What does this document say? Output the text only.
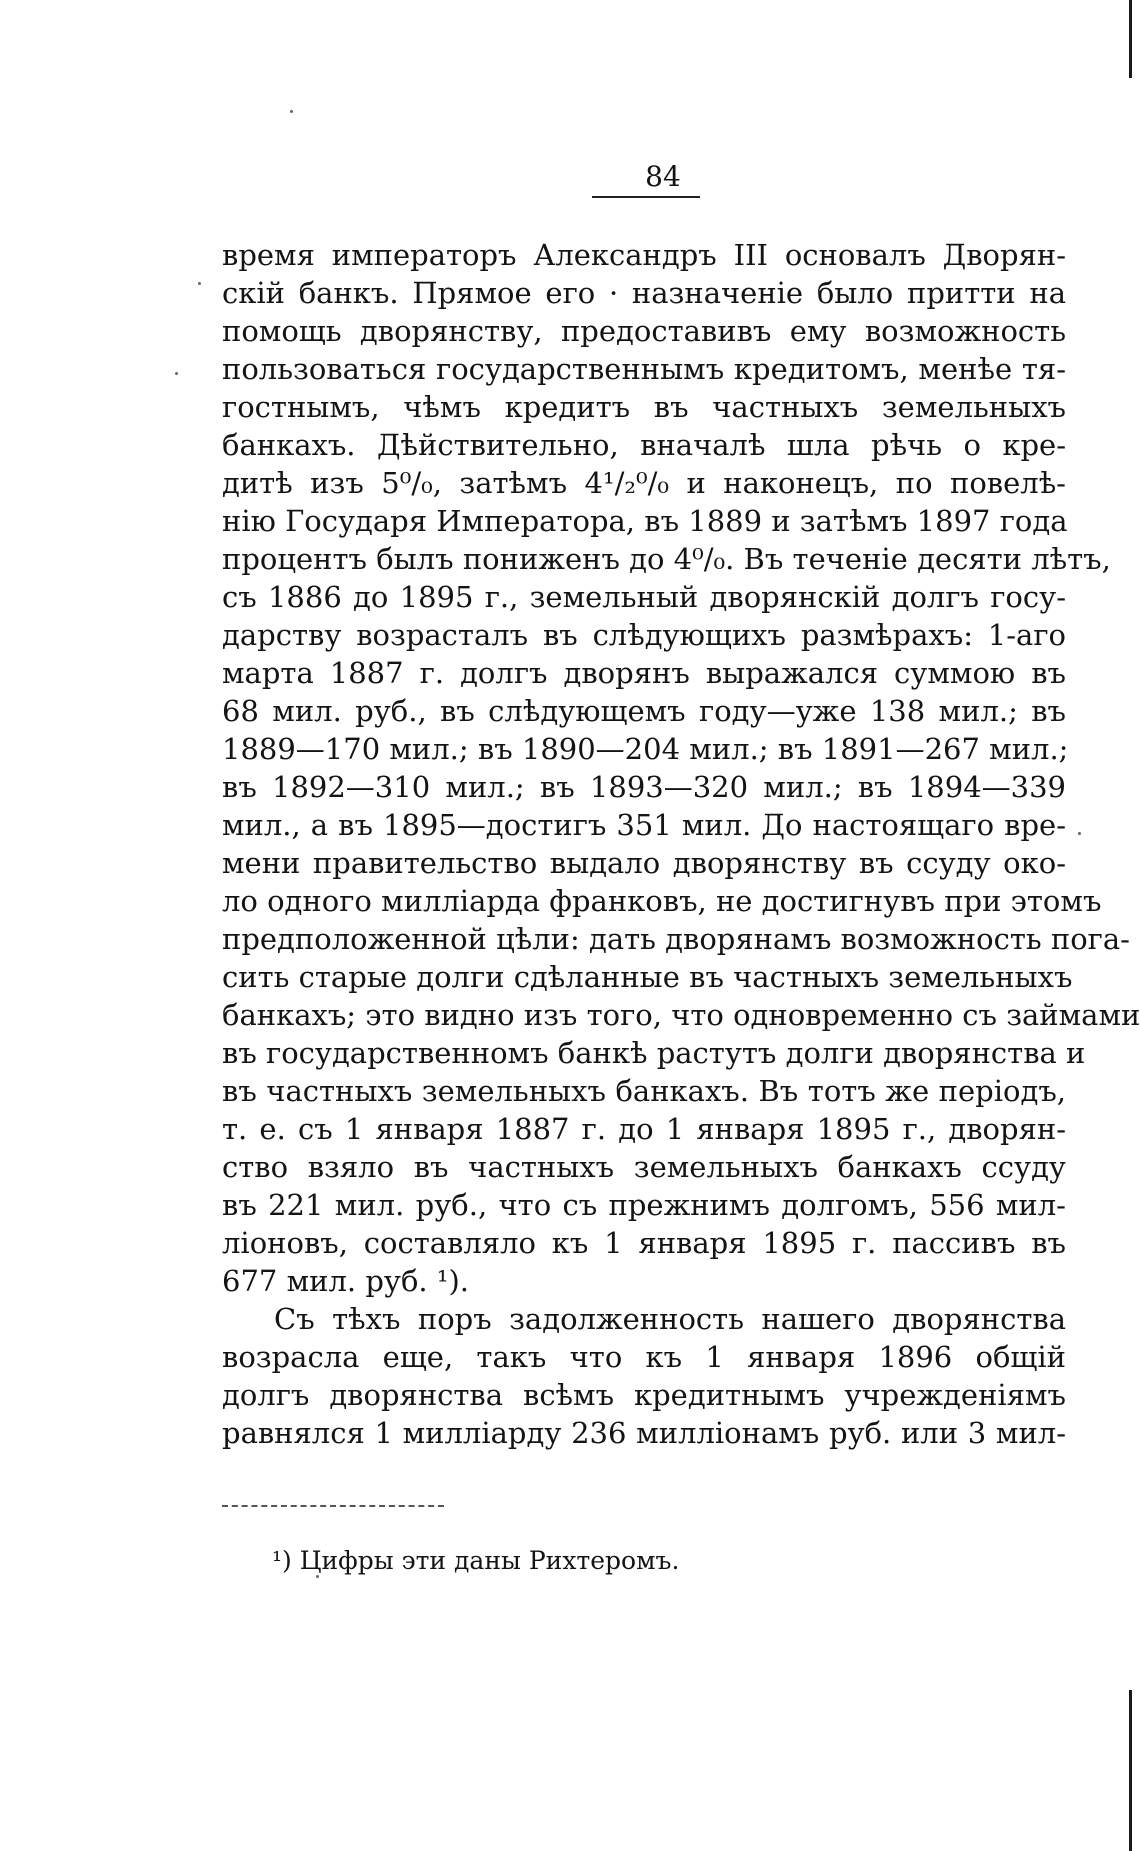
84
время императоръ Александръ III основалъ Дворян-
скій банкъ. Прямое его · назначеніе было притти на
помощь дворянству, предоставивъ ему возможность
пользоваться государственнымъ кредитомъ, менѣе тя-
гостнымъ, чѣмъ кредитъ въ частныхъ земельныхъ
банкахъ. Дѣйствительно, вначалѣ шла рѣчь о кре-
дитѣ изъ 5⁰/₀, затѣмъ 4¹/₂⁰/₀ и наконецъ, по повелѣ-
нію Государя Императора, въ 1889 и затѣмъ 1897 года
процентъ былъ пониженъ до 4⁰/₀. Въ теченіе десяти лѣтъ,
съ 1886 до 1895 г., земельный дворянскій долгъ госу-
дарству возрасталъ въ слѣдующихъ размѣрахъ: 1-аго
марта 1887 г. долгъ дворянъ выражался суммою въ
68 мил. руб., въ слѣдующемъ году—уже 138 мил.; въ
1889—170 мил.; въ 1890—204 мил.; въ 1891—267 мил.;
въ 1892—310 мил.; въ 1893—320 мил.; въ 1894—339
мил., а въ 1895—достигъ 351 мил. До настоящаго вре-
мени правительство выдало дворянству въ ссуду око-
ло одного милліарда франковъ, не достигнувъ при этомъ
предположенной цѣли: дать дворянамъ возможность пога-
сить старые долги сдѣланные въ частныхъ земельныхъ
банкахъ; это видно изъ того, что одновременно съ займами
въ государственномъ банкѣ растутъ долги дворянства и
въ частныхъ земельныхъ банкахъ. Въ тотъ же періодъ,
т. е. съ 1 января 1887 г. до 1 января 1895 г., дворян-
ство взяло въ частныхъ земельныхъ банкахъ ссуду
въ 221 мил. руб., что съ прежнимъ долгомъ, 556 мил-
ліоновъ, составляло къ 1 января 1895 г. пассивъ въ
677 мил. руб. ¹).
Съ тѣхъ поръ задолженность нашего дворянства
возрасла еще, такъ что къ 1 января 1896 общій
долгъ дворянства всѣмъ кредитнымъ учрежденіямъ
равнялся 1 милліарду 236 милліонамъ руб. или 3 мил-
¹) Цифры эти даны Рихтеромъ.
